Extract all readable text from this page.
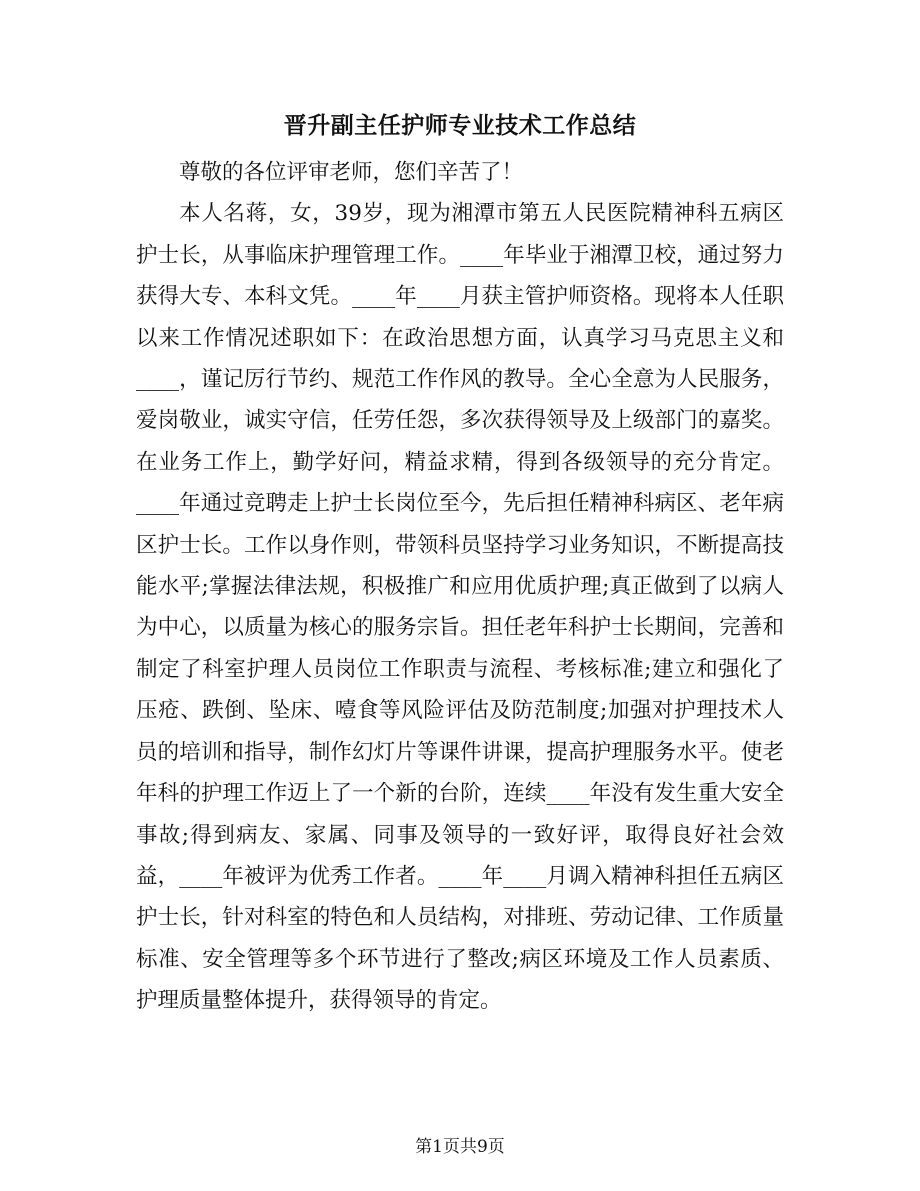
晋升副主任护师专业技术工作总结

尊敬的各位评审老师，您们辛苦了！

本人名蒋，女，39岁，现为湘潭市第五人民医院精神科五病区护士长，从事临床护理管理工作。____年毕业于湘潭卫校，通过努力获得大专、本科文凭。____年____月获主管护师资格。现将本人任职以来工作情况述职如下：在政治思想方面，认真学习马克思主义和____，谨记厉行节约、规范工作作风的教导。全心全意为人民服务，爱岗敬业，诚实守信，任劳任怨，多次获得领导及上级部门的嘉奖。在业务工作上，勤学好问，精益求精，得到各级领导的充分肯定。____年通过竞聘走上护士长岗位至今，先后担任精神科病区、老年病区护士长。工作以身作则，带领科员坚持学习业务知识，不断提高技能水平;掌握法律法规，积极推广和应用优质护理;真正做到了以病人为中心，以质量为核心的服务宗旨。担任老年科护士长期间，完善和制定了科室护理人员岗位工作职责与流程、考核标准;建立和强化了压疮、跌倒、坠床、噎食等风险评估及防范制度;加强对护理技术人员的培训和指导，制作幻灯片等课件讲课，提高护理服务水平。使老年科的护理工作迈上了一个新的台阶，连续____年没有发生重大安全事故;得到病友、家属、同事及领导的一致好评，取得良好社会效益，____年被评为优秀工作者。____年____月调入精神科担任五病区护士长，针对科室的特色和人员结构，对排班、劳动记律、工作质量标准、安全管理等多个环节进行了整改;病区环境及工作人员素质、护理质量整体提升，获得领导的肯定。

第1页共9页
